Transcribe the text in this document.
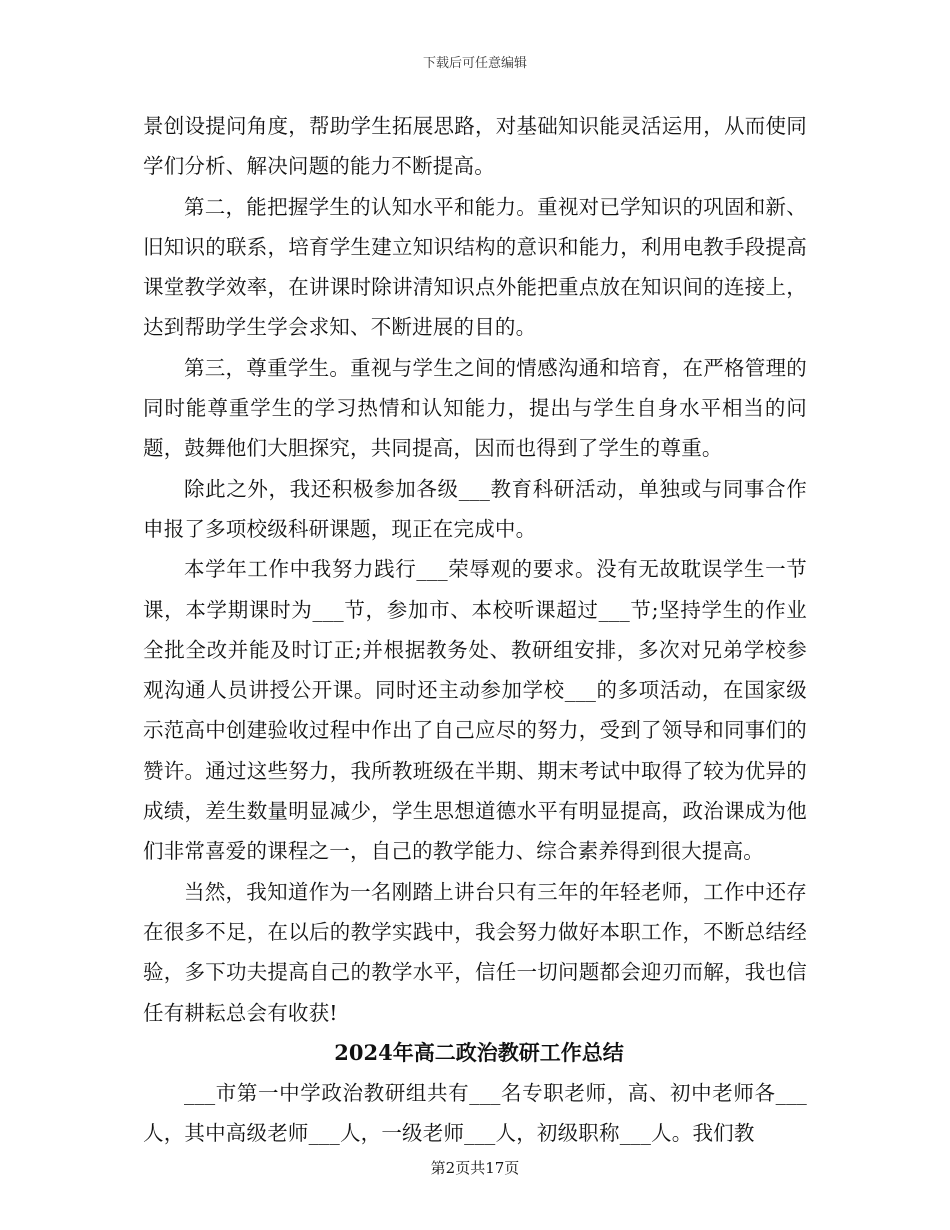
下载后可任意编辑

景创设提问角度，帮助学生拓展思路，对基础知识能灵活运用，从而使同学们分析、解决问题的能力不断提高。

第二，能把握学生的认知水平和能力。重视对已学知识的巩固和新、旧知识的联系，培育学生建立知识结构的意识和能力，利用电教手段提高课堂教学效率，在讲课时除讲清知识点外能把重点放在知识间的连接上，达到帮助学生学会求知、不断进展的目的。

第三，尊重学生。重视与学生之间的情感沟通和培育，在严格管理的同时能尊重学生的学习热情和认知能力，提出与学生自身水平相当的问题，鼓舞他们大胆探究，共同提高，因而也得到了学生的尊重。

除此之外，我还积极参加各级___教育科研活动，单独或与同事合作申报了多项校级科研课题，现正在完成中。

本学年工作中我努力践行___荣辱观的要求。没有无故耽误学生一节课，本学期课时为___节，参加市、本校听课超过___节;坚持学生的作业全批全改并能及时订正;并根据教务处、教研组安排，多次对兄弟学校参观沟通人员讲授公开课。同时还主动参加学校___的多项活动，在国家级示范高中创建验收过程中作出了自己应尽的努力，受到了领导和同事们的赞许。通过这些努力，我所教班级在半期、期末考试中取得了较为优异的成绩，差生数量明显减少，学生思想道德水平有明显提高，政治课成为他们非常喜爱的课程之一，自己的教学能力、综合素养得到很大提高。

当然，我知道作为一名刚踏上讲台只有三年的年轻老师，工作中还存在很多不足，在以后的教学实践中，我会努力做好本职工作，不断总结经验，多下功夫提高自己的教学水平，信任一切问题都会迎刃而解，我也信任有耕耘总会有收获!

2024年高二政治教研工作总结

___市第一中学政治教研组共有___名专职老师，高、初中老师各___人，其中高级老师___人，一级老师___人，初级职称___人。我们教

第2页共17页
